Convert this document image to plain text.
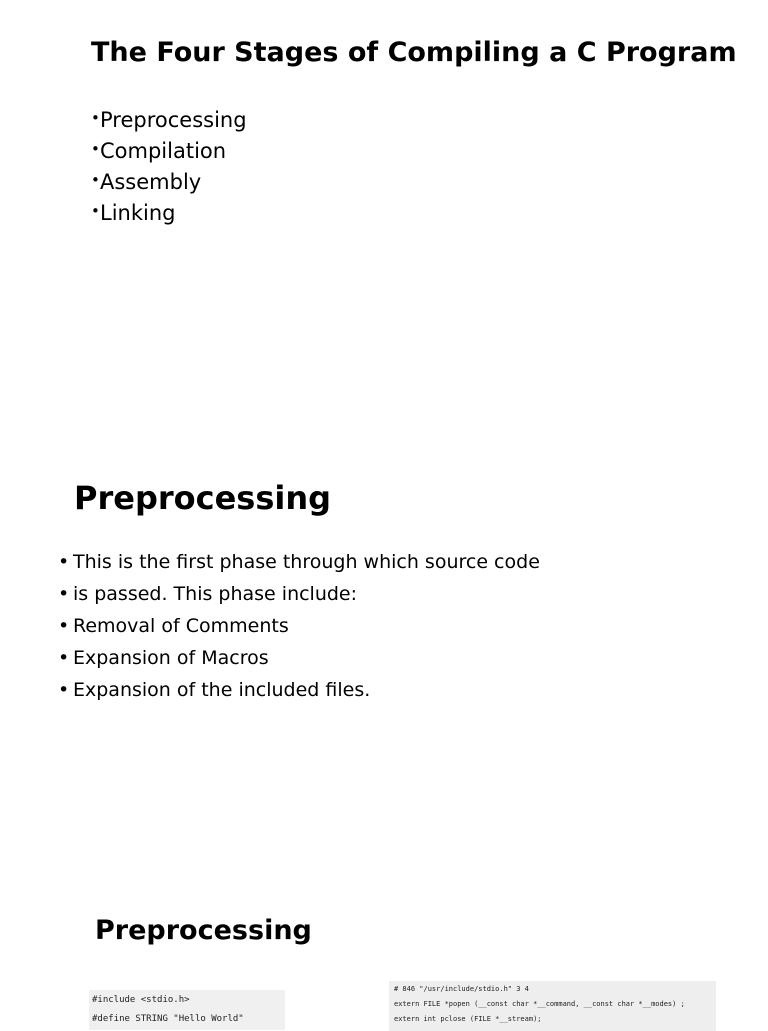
The Four Stages of Compiling a C Program
•Preprocessing
•Compilation
•Assembly
•Linking
Preprocessing
• This is the first phase through which source code
• is passed. This phase include:
• Removal of Comments
• Expansion of Macros
• Expansion of the included files.
Preprocessing
#include <stdio.h>
#define STRING "Hello World"
# 846 "/usr/include/stdio.h" 3 4
extern FILE *popen (__const char *__command, __const char *__modes) ;
extern int pclose (FILE *__stream);
